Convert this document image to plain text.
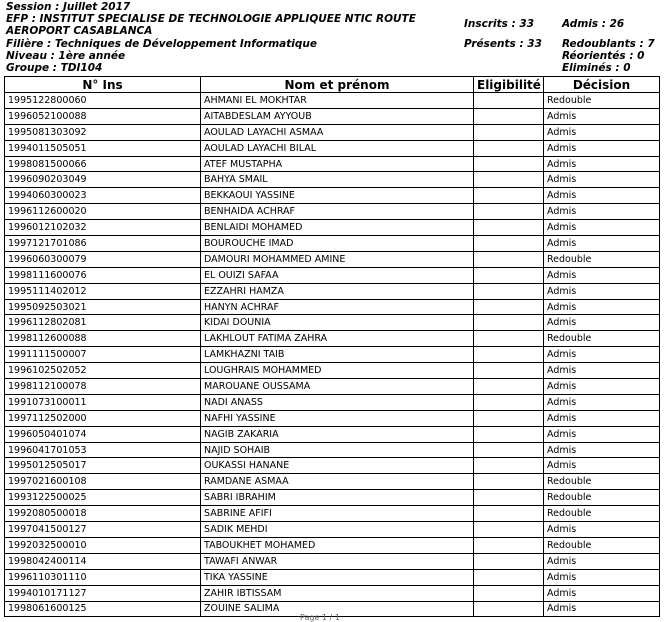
Session : Juillet 2017
EFP : INSTITUT SPECIALISE DE TECHNOLOGIE APPLIQUEE NTIC ROUTE AEROPORT CASABLANCA
Filière : Techniques de Développement Informatique
Niveau : 1ère année
Groupe : TDI104
Inscrits : 33	Admis : 26
Présents : 33 Redoublants : 7
Réorientés : 0
Eliminés : 0
N° Ins	Nom et prénom	Eligibilité	Décision
1995122800060	AHMANI EL MOKHTAR		Redouble
1996052100088	AITABDESLAM AYYOUB		Admis
1995081303092	AOULAD LAYACHI ASMAA		Admis
1994011505051	AOULAD LAYACHI BILAL		Admis
1998081500066	ATEF MUSTAPHA		Admis
1996090203049	BAHYA SMAIL		Admis
1994060300023	BEKKAOUI YASSINE		Admis
1996112600020	BENHAIDA ACHRAF		Admis
1996012102032	BENLAIDI MOHAMED		Admis
1997121701086	BOUROUCHE IMAD		Admis
1996060300079	DAMOURI MOHAMMED AMINE		Redouble
1998111600076	EL OUIZI SAFAA		Admis
1995111402012	EZZAHRI HAMZA		Admis
1995092503021	HANYN ACHRAF		Admis
1996112802081	KIDAI DOUNIA		Admis
1998112600088	LAKHLOUT FATIMA ZAHRA		Redouble
1991111500007	LAMKHAZNI TAIB		Admis
1996102502052	LOUGHRAIS MOHAMMED		Admis
1998112100078	MAROUANE OUSSAMA		Admis
1991073100011	NADI ANASS		Admis
1997112502000	NAFHI YASSINE		Admis
1996050401074	NAGIB ZAKARIA		Admis
1996041701053	NAJID SOHAIB		Admis
1995012505017	OUKASSI HANANE		Admis
1997021600108	RAMDANE ASMAA		Redouble
1993122500025	SABRI IBRAHIM		Redouble
1992080500018	SABRINE AFIFI		Redouble
1997041500127	SADIK MEHDI		Admis
1992032500010	TABOUKHET MOHAMED		Redouble
1998042400114	TAWAFI ANWAR		Admis
1996110301110	TIKA YASSINE		Admis
1994010171127	ZAHIR IBTISSAM		Admis
1998061600125	ZOUINE SALIMA		Admis
Page 1 / 1
